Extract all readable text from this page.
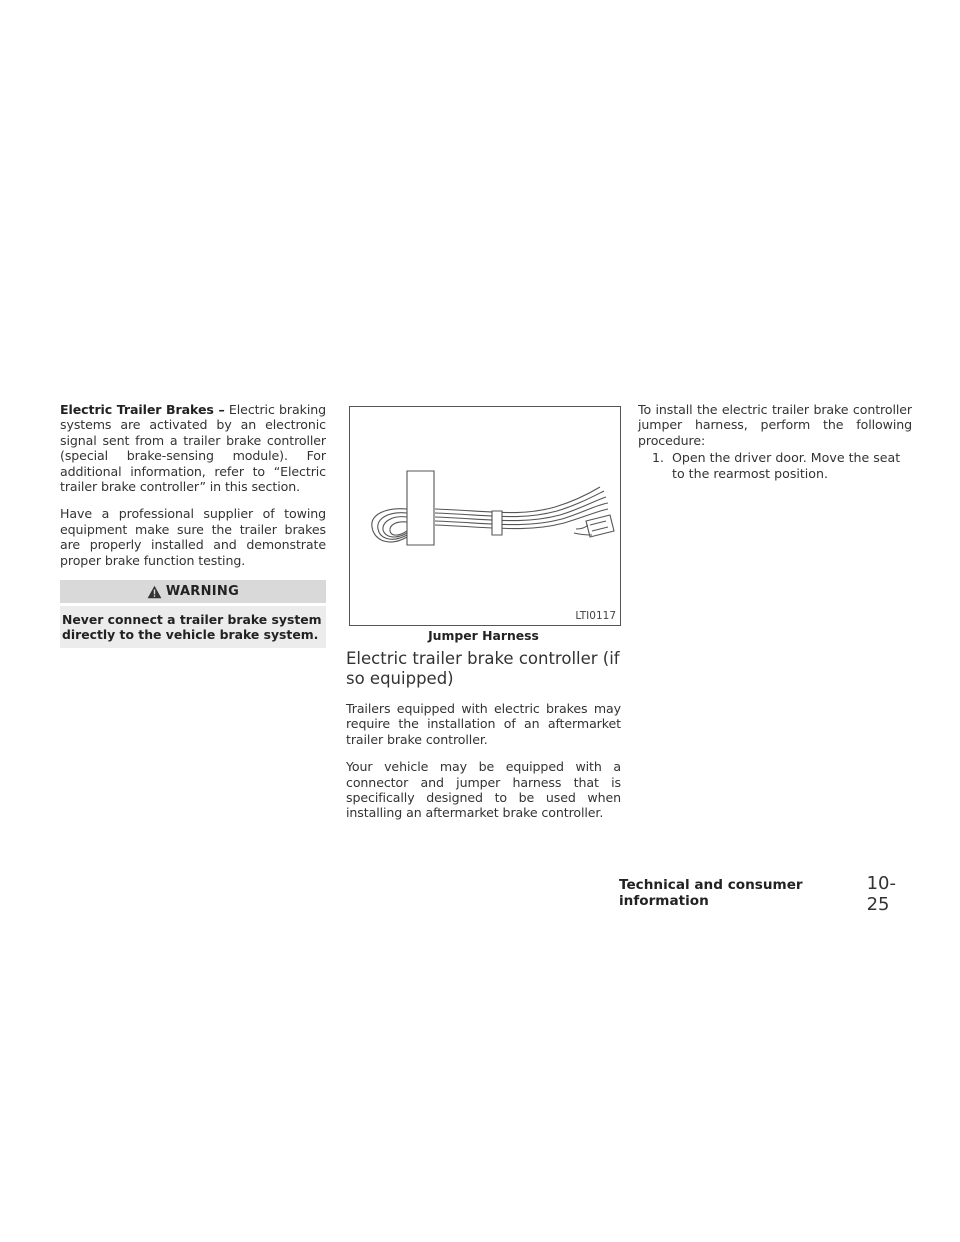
Electric Trailer Brakes – Electric braking systems are activated by an electronic signal sent from a trailer brake controller (special brake-sensing module). For additional information, refer to “Electric trailer brake controller” in this section.

Have a professional supplier of towing equipment make sure the trailer brakes are properly installed and demonstrate proper brake function testing.

WARNING
Never connect a trailer brake system directly to the vehicle brake system.
LTI0117
Jumper Harness
Electric trailer brake controller (if so equipped)

Trailers equipped with electric brakes may require the installation of an aftermarket trailer brake controller.

Your vehicle may be equipped with a connector and jumper harness that is specifically designed to be used when installing an aftermarket brake controller.

To install the electric trailer brake controller jumper harness, perform the following procedure:

1. Open the driver door. Move the seat to the rearmost position.
Technical and consumer information
10-25
